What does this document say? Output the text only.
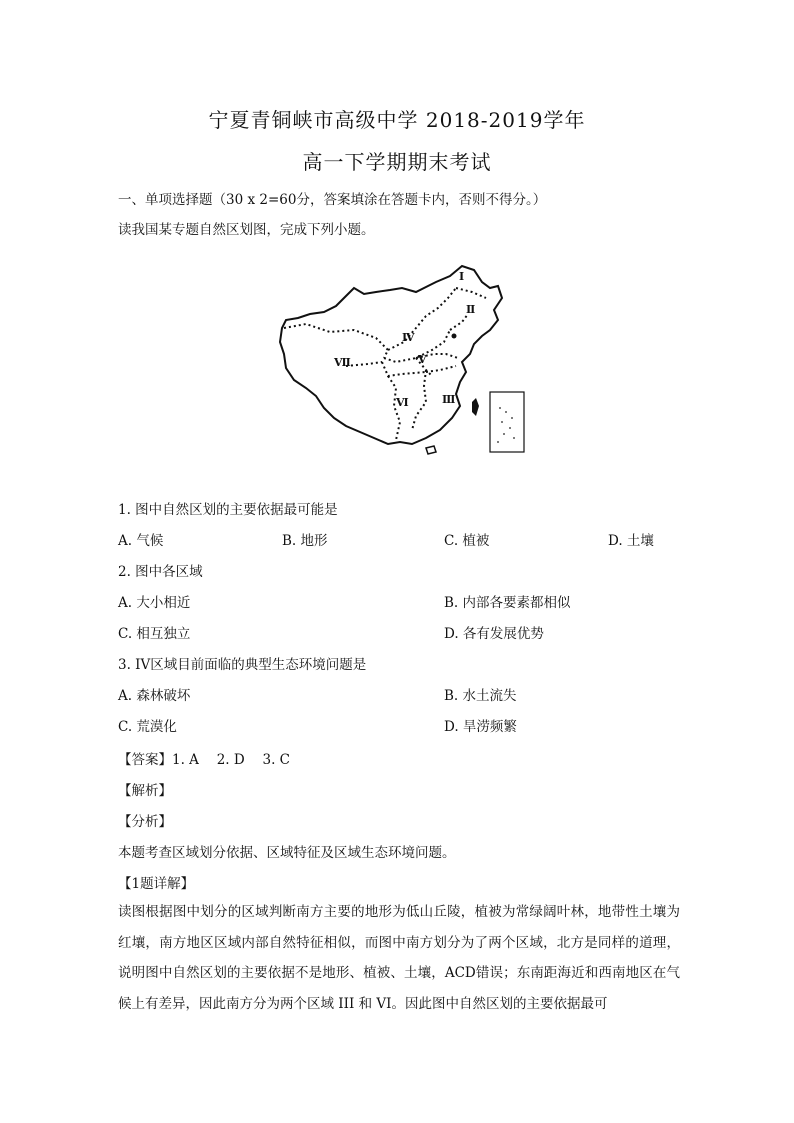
宁夏青铜峡市高级中学 2018-2019学年
高一下学期期末考试
一、单项选择题（30 x 2=60分，答案填涂在答题卡内，否则不得分。）
读我国某专题自然区划图，完成下列小题。
Ⅰ
Ⅱ
Ⅲ
Ⅳ
Ⅴ
Ⅵ
Ⅶ
1. 图中自然区划的主要依据最可能是
A. 气候	B. 地形	C. 植被	D. 土壤
2. 图中各区域
A. 大小相近	B. 内部各要素都相似
C. 相互独立	D. 各有发展优势
3. IV区域目前面临的典型生态环境问题是
A. 森林破坏	B. 水土流失
C. 荒漠化	D. 旱涝频繁
【答案】1. A　 2. D　 3. C
【解析】
【分析】
本题考查区域划分依据、区域特征及区域生态环境问题。
【1题详解】
读图根据图中划分的区域判断南方主要的地形为低山丘陵，植被为常绿阔叶林，地带性土壤为红壤，南方地区区域内部自然特征相似，而图中南方划分为了两个区域，北方是同样的道理，说明图中自然区划的主要依据不是地形、植被、土壤，ACD错误；东南距海近和西南地区在气候上有差异，因此南方分为两个区域 III 和 VI。因此图中自然区划的主要依据最可
